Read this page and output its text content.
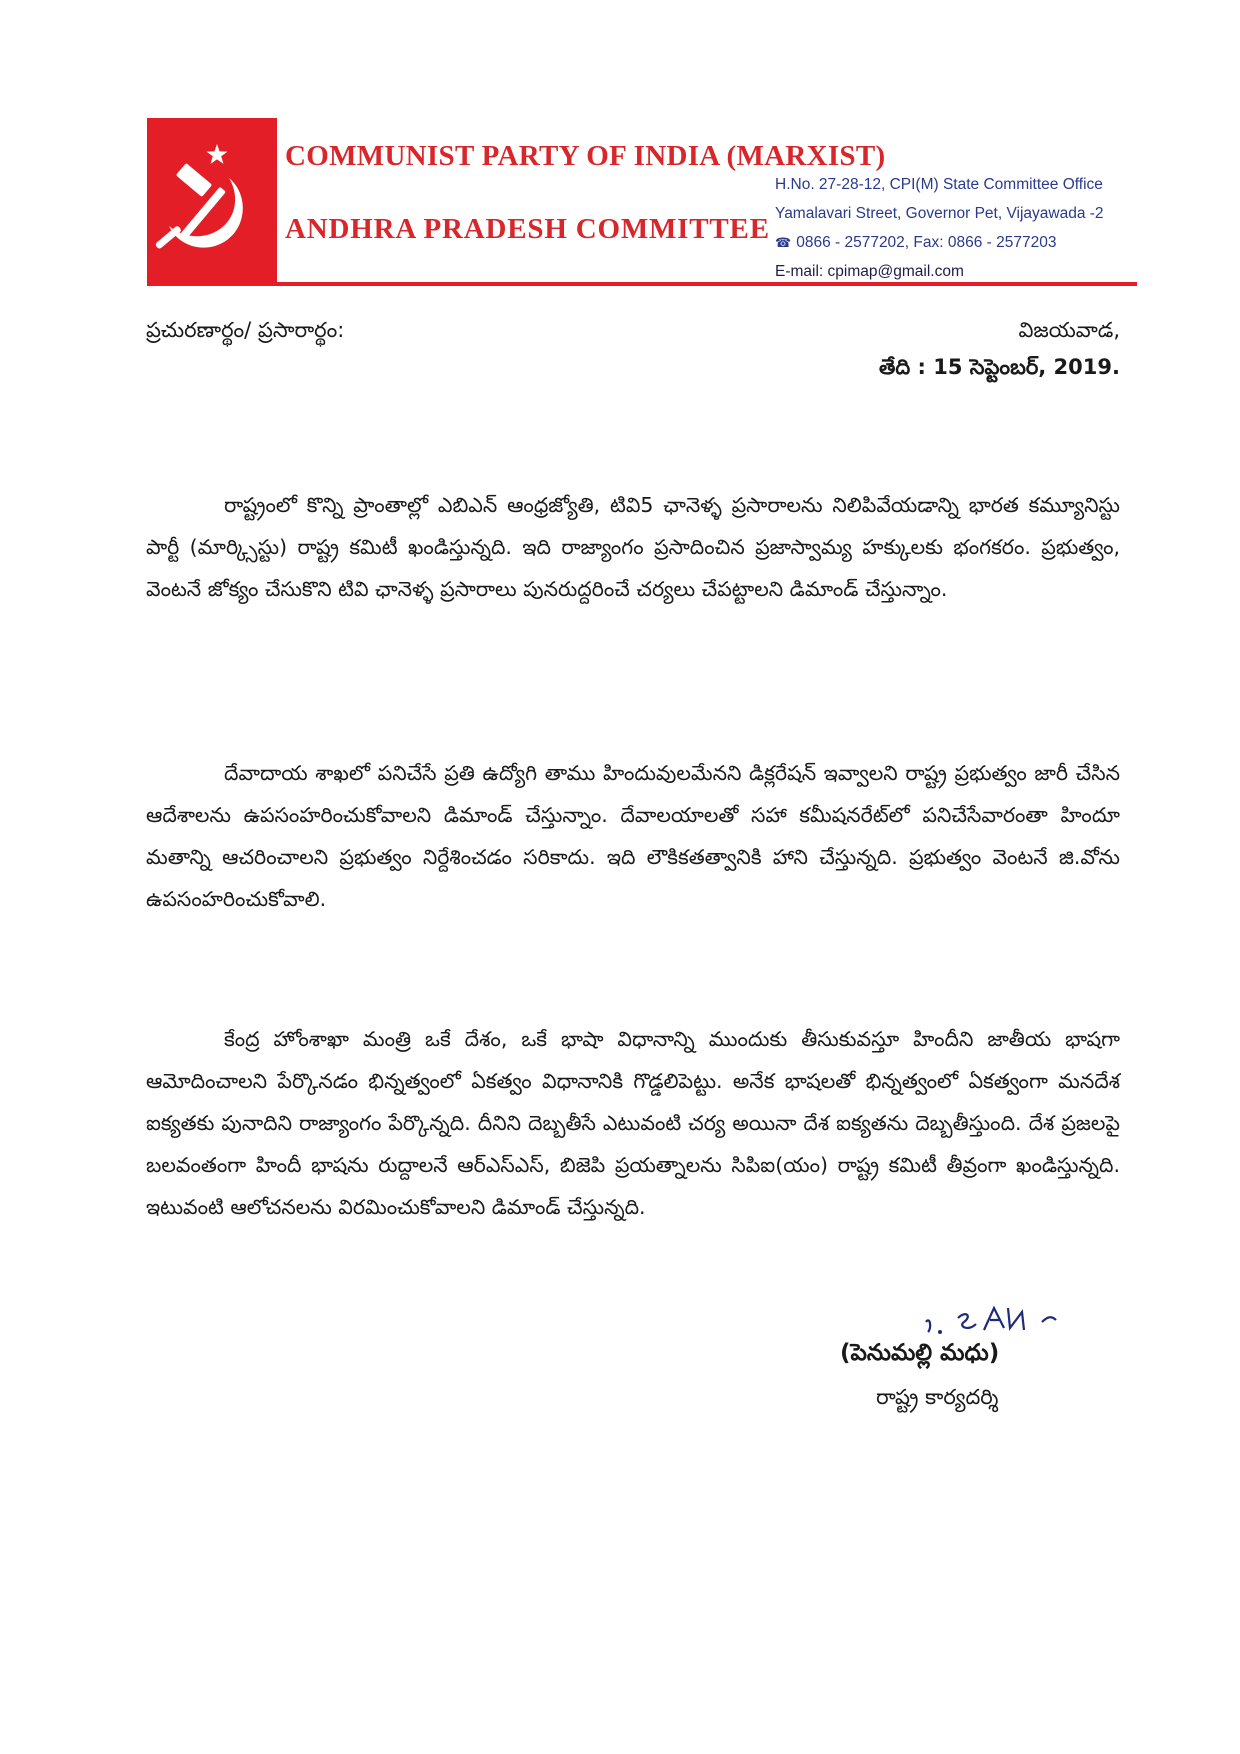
COMMUNIST PARTY OF INDIA (MARXIST)
ANDHRA PRADESH COMMITTEE
H.No. 27-28-12, CPI(M) State Committee Office
Yamalavari Street, Governor Pet, Vijayawada -2
☎ 0866 - 2577202, Fax: 0866 - 2577203
E-mail: cpimap@gmail.com
ప్రచురణార్థం/ ప్రసారార్థం:	విజయవాడ,
తేది : 15 సెప్టెంబర్, 2019.

రాష్ట్రంలో కొన్ని ప్రాంతాల్లో ఎబిఎన్ ఆంధ్రజ్యోతి, టివి5 ఛానెళ్ళ ప్రసారాలను నిలిపివేయడాన్ని భారత కమ్యూనిస్టు పార్టీ (మార్క్సిస్టు) రాష్ట్ర కమిటీ ఖండిస్తున్నది. ఇది రాజ్యాంగం ప్రసాదించిన ప్రజాస్వామ్య హక్కులకు భంగకరం. ప్రభుత్వం, వెంటనే జోక్యం చేసుకొని టివి ఛానెళ్ళ ప్రసారాలు పునరుద్దరించే చర్యలు చేపట్టాలని డిమాండ్ చేస్తున్నాం.

దేవాదాయ శాఖలో పనిచేసే ప్రతి ఉద్యోగి తాము హిందువులమేనని డిక్లరేషన్ ఇవ్వాలని రాష్ట్ర ప్రభుత్వం జారీ చేసిన ఆదేశాలను ఉపసంహరించుకోవాలని డిమాండ్ చేస్తున్నాం. దేవాలయాలతో సహా కమీషనరేట్‌లో పనిచేసేవారంతా హిందూ మతాన్ని ఆచరించాలని ప్రభుత్వం నిర్దేశించడం సరికాదు. ఇది లౌకికతత్వానికి హాని చేస్తున్నది. ప్రభుత్వం వెంటనే జి.వోను ఉపసంహరించుకోవాలి.

కేంద్ర హోంశాఖా మంత్రి ఒకే దేశం, ఒకే భాషా విధానాన్ని ముందుకు తీసుకువస్తూ హిందీని జాతీయ భాషగా ఆమోదించాలని పేర్కొనడం భిన్నత్వంలో ఏకత్వం విధానానికి గొడ్డలిపెట్టు. అనేక భాషలతో భిన్నత్వంలో ఏకత్వంగా మనదేశ ఐక్యతకు పునాదిని రాజ్యాంగం పేర్కొన్నది. దీనిని దెబ్బతీసే ఎటువంటి చర్య అయినా దేశ ఐక్యతను దెబ్బతీస్తుంది. దేశ ప్రజలపై బలవంతంగా హిందీ భాషను రుద్దాలనే ఆర్‌ఎస్‌ఎస్, బిజెపి ప్రయత్నాలను సిపిఐ(యం) రాష్ట్ర కమిటీ తీవ్రంగా ఖండిస్తున్నది. ఇటువంటి ఆలోచనలను విరమించుకోవాలని డిమాండ్ చేస్తున్నది.

(పెనుమల్లి మధు)
రాష్ట్ర కార్యదర్శి
